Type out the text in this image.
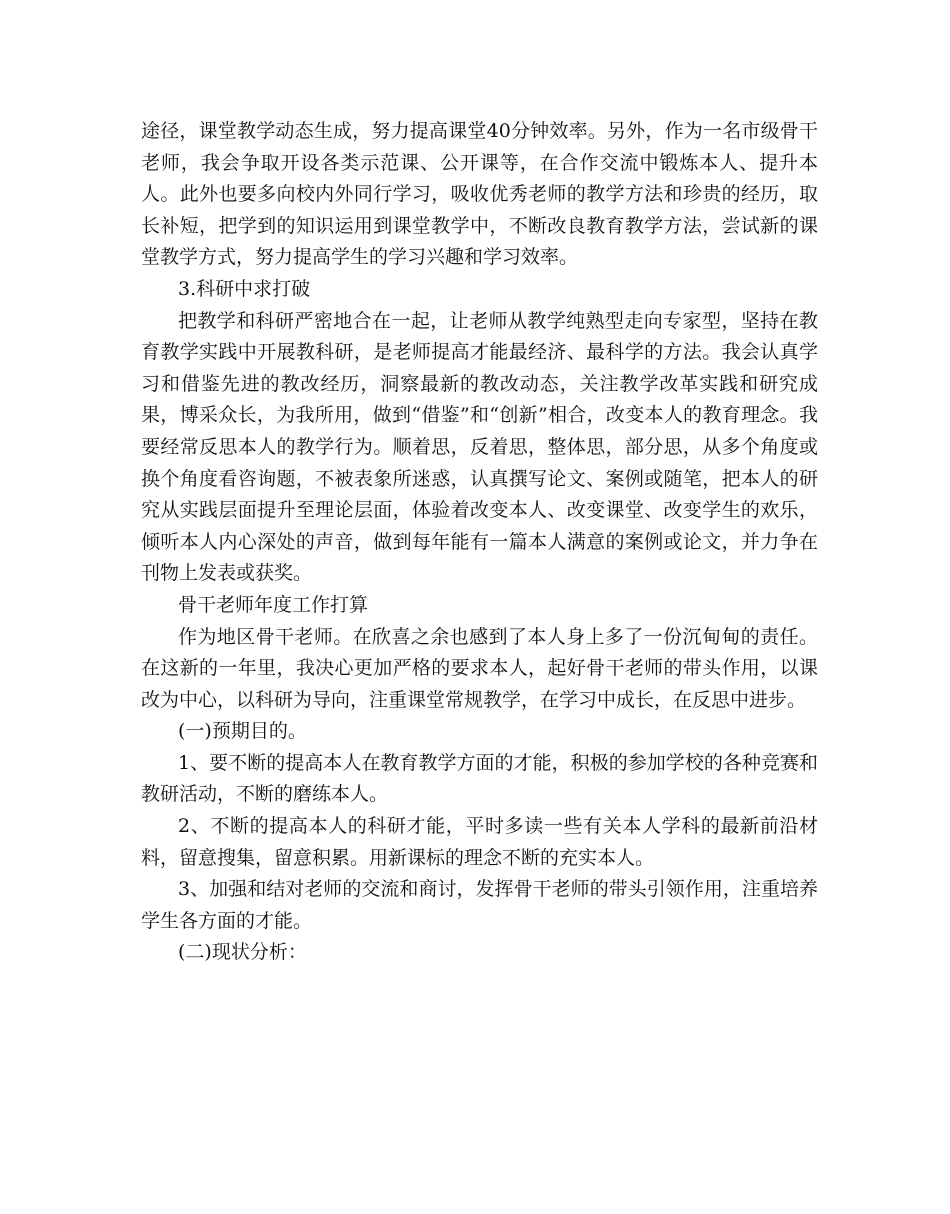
途径，课堂教学动态生成，努力提高课堂40分钟效率。另外，作为一名市级骨干老师，我会争取开设各类示范课、公开课等，在合作交流中锻炼本人、提升本人。此外也要多向校内外同行学习，吸收优秀老师的教学方法和珍贵的经历，取长补短，把学到的知识运用到课堂教学中，不断改良教育教学方法，尝试新的课堂教学方式，努力提高学生的学习兴趣和学习效率。

3.科研中求打破

把教学和科研严密地合在一起，让老师从教学纯熟型走向专家型，坚持在教育教学实践中开展教科研，是老师提高才能最经济、最科学的方法。我会认真学习和借鉴先进的教改经历，洞察最新的教改动态，关注教学改革实践和研究成果，博采众长，为我所用，做到“借鉴”和“创新”相合，改变本人的教育理念。我要经常反思本人的教学行为。顺着思，反着思，整体思，部分思，从多个角度或换个角度看咨询题，不被表象所迷惑，认真撰写论文、案例或随笔，把本人的研究从实践层面提升至理论层面，体验着改变本人、改变课堂、改变学生的欢乐，倾听本人内心深处的声音，做到每年能有一篇本人满意的案例或论文，并力争在刊物上发表或获奖。

骨干老师年度工作打算

作为地区骨干老师。在欣喜之余也感到了本人身上多了一份沉甸甸的责任。在这新的一年里，我决心更加严格的要求本人，起好骨干老师的带头作用，以课改为中心，以科研为导向，注重课堂常规教学，在学习中成长，在反思中进步。

(一)预期目的。

1、要不断的提高本人在教育教学方面的才能，积极的参加学校的各种竞赛和教研活动，不断的磨练本人。

2、不断的提高本人的科研才能，平时多读一些有关本人学科的最新前沿材料，留意搜集，留意积累。用新课标的理念不断的充实本人。

3、加强和结对老师的交流和商讨，发挥骨干老师的带头引领作用，注重培养学生各方面的才能。

(二)现状分析：
